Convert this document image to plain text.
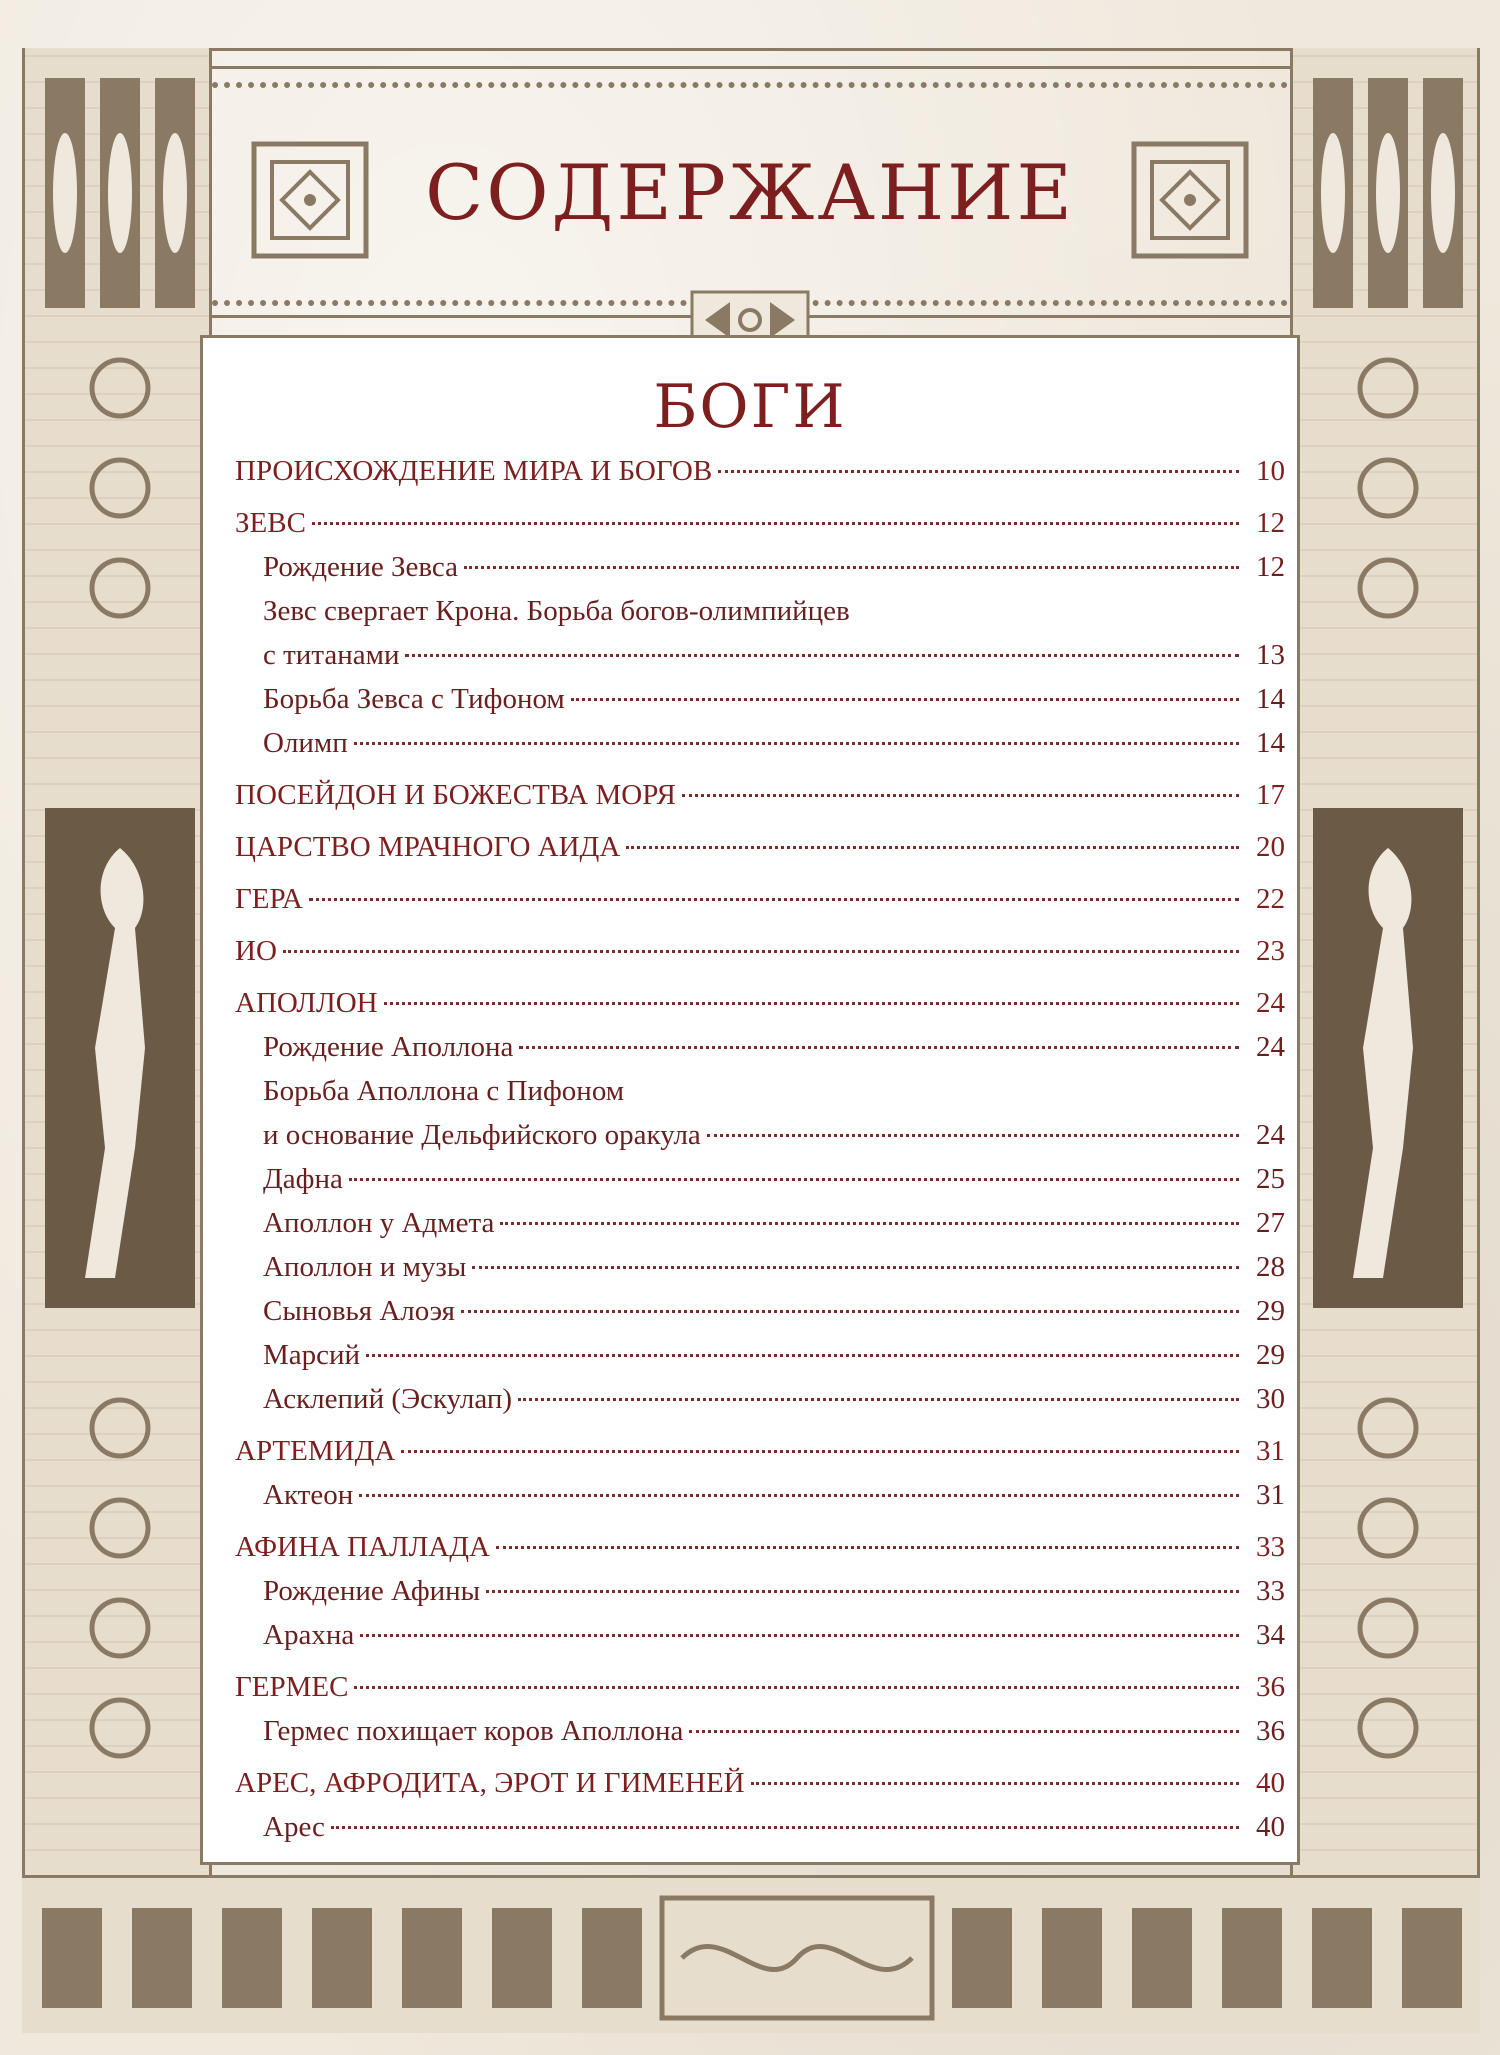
СОДЕРЖАНИЕ
БОГИ
ПРОИСХОЖДЕНИЕ МИРА И БОГОВ	10
ЗЕВС	12
Рождение Зевса	12
Зевс свергает Крона. Борьба богов-олимпийцев
с титанами	13
Борьба Зевса с Тифоном	14
Олимп	14
ПОСЕЙДОН И БОЖЕСТВА МОРЯ	17
ЦАРСТВО МРАЧНОГО АИДА	20
ГЕРА	22
ИО	23
АПОЛЛОН	24
Рождение Аполлона	24
Борьба Аполлона с Пифоном
и основание Дельфийского оракула	24
Дафна	25
Аполлон у Адмета	27
Аполлон и музы	28
Сыновья Алоэя	29
Марсий	29
Асклепий (Эскулап)	30
АРТЕМИДА	31
Актеон	31
АФИНА ПАЛЛАДА	33
Рождение Афины	33
Арахна	34
ГЕРМЕС	36
Гермес похищает коров Аполлона	36
АРЕС, АФРОДИТА, ЭРОТ И ГИМЕНЕЙ	40
Арес	40
